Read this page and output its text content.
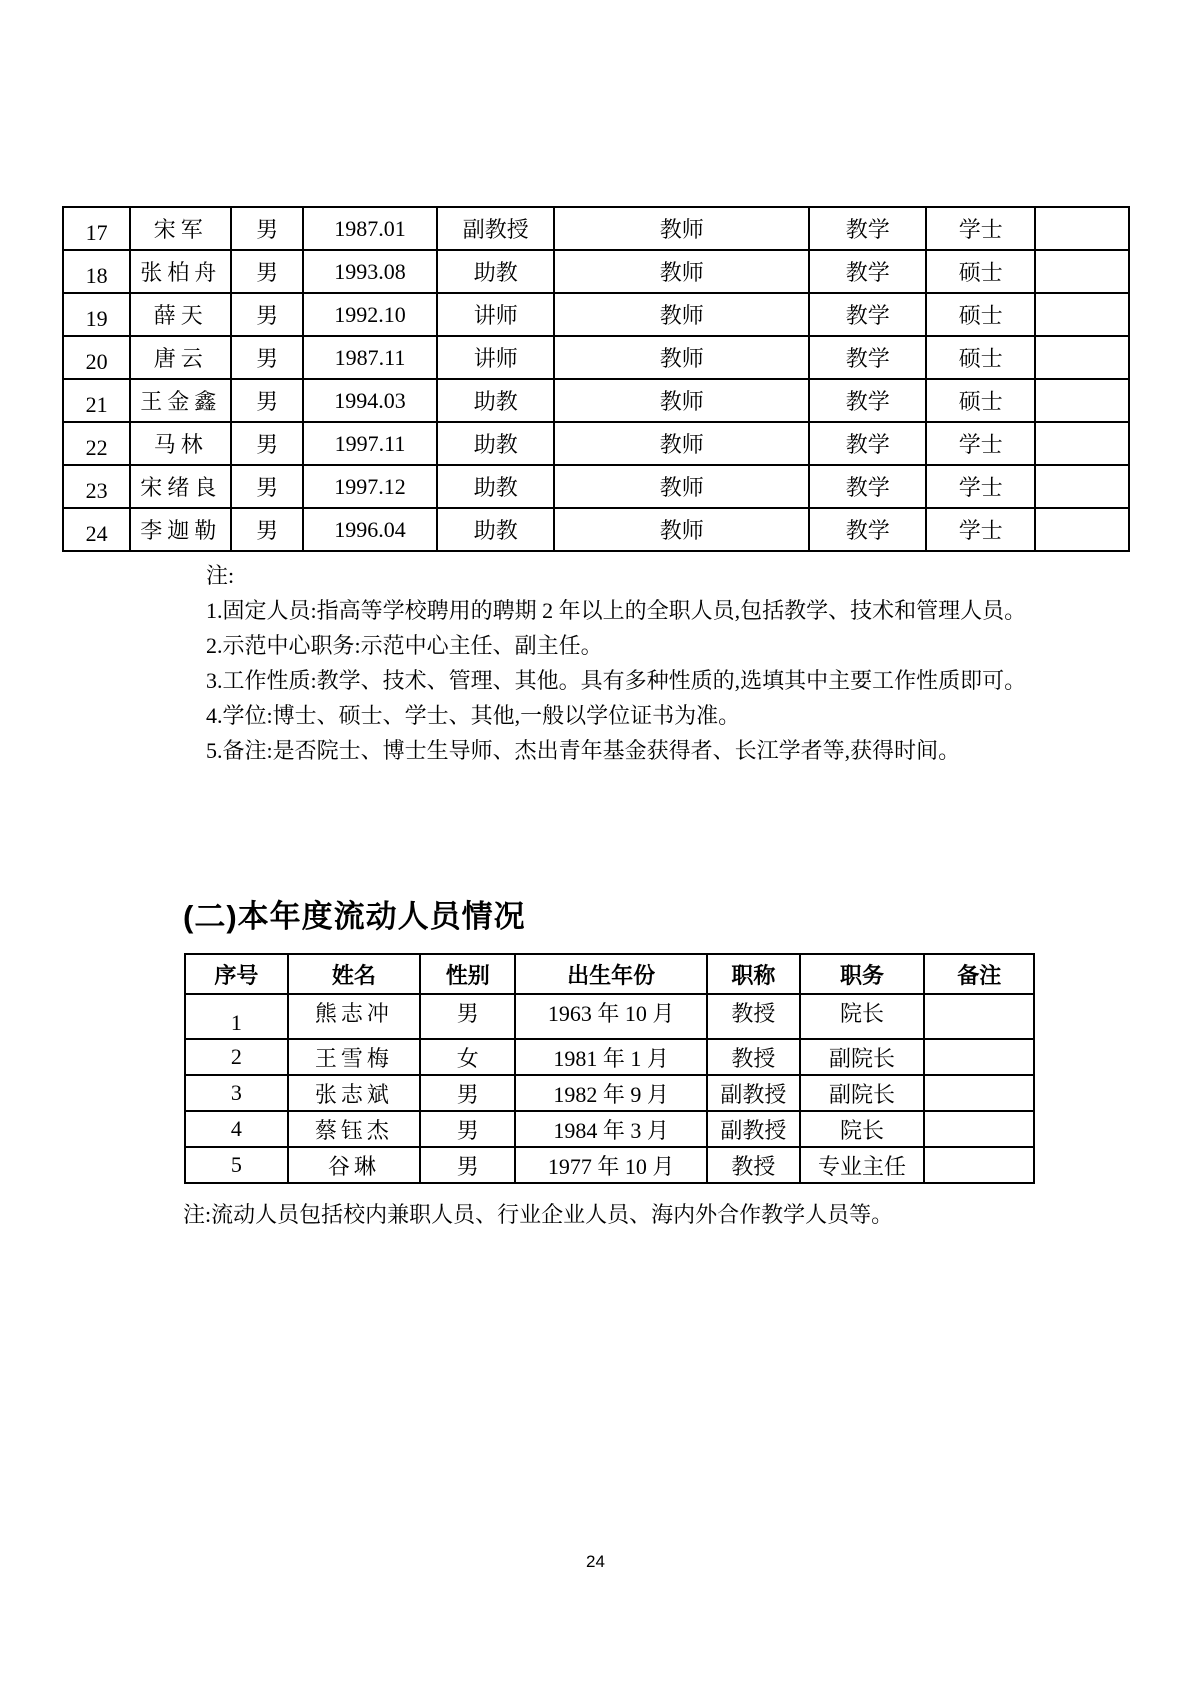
17	宋军	男	1987.01	副教授	教师	教学	学士	
18	张柏舟	男	1993.08	助教	教师	教学	硕士	
19	薛天	男	1992.10	讲师	教师	教学	硕士	
20	唐云	男	1987.11	讲师	教师	教学	硕士	
21	王金鑫	男	1994.03	助教	教师	教学	硕士	
22	马林	男	1997.11	助教	教师	教学	学士	
23	宋绪良	男	1997.12	助教	教师	教学	学士	
24	李迦勒	男	1996.04	助教	教师	教学	学士	

注:

1.固定人员:指高等学校聘用的聘期 2 年以上的全职人员,包括教学、技术和管理人员。

2.示范中心职务:示范中心主任、副主任。

3.工作性质:教学、技术、管理、其他。具有多种性质的,选填其中主要工作性质即可。

4.学位:博士、硕士、学士、其他,一般以学位证书为准。

5.备注:是否院士、博士生导师、杰出青年基金获得者、长江学者等,获得时间。

(二)本年度流动人员情况
序号	姓名	性别	出生年份	职称	职务	备注
1	熊志冲	男	1963 年 10 月	教授	院长	
2	王雪梅	女	1981 年 1 月	教授	副院长	
3	张志斌	男	1982 年 9 月	副教授	副院长	
4	蔡钰杰	男	1984 年 3 月	副教授	院长	
5	谷琳	男	1977 年 10 月	教授	专业主任	

注:流动人员包括校内兼职人员、行业企业人员、海内外合作教学人员等。

24
